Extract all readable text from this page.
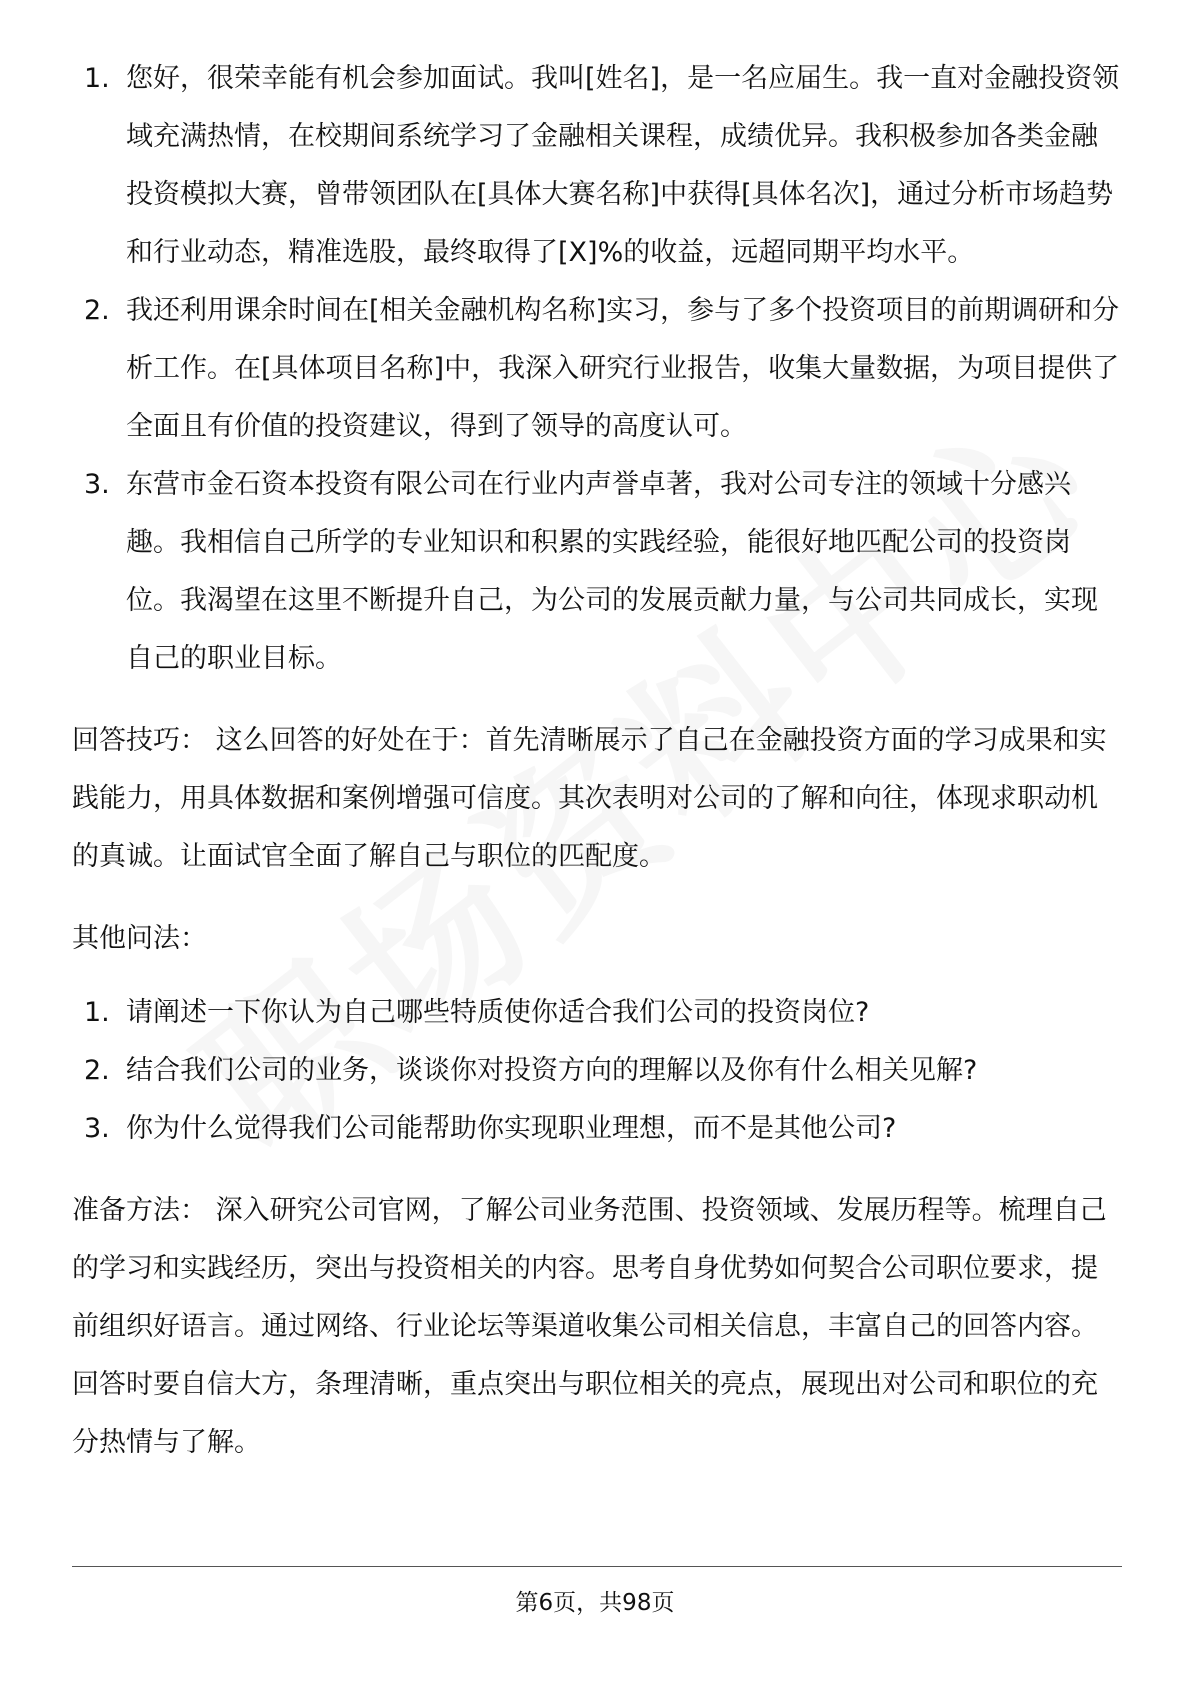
1. 您好，很荣幸能有机会参加面试。我叫[姓名]，是一名应届生。我一直对金融投资领域充满热情，在校期间系统学习了金融相关课程，成绩优异。我积极参加各类金融投资模拟大赛，曾带领团队在[具体大赛名称]中获得[具体名次]，通过分析市场趋势和行业动态，精准选股，最终取得了[X]%的收益，远超同期平均水平。
2. 我还利用课余时间在[相关金融机构名称]实习，参与了多个投资项目的前期调研和分析工作。在[具体项目名称]中，我深入研究行业报告，收集大量数据，为项目提供了全面且有价值的投资建议，得到了领导的高度认可。
3. 东营市金石资本投资有限公司在行业内声誉卓著，我对公司专注的领域十分感兴趣。我相信自己所学的专业知识和积累的实践经验，能很好地匹配公司的投资岗位。我渴望在这里不断提升自己，为公司的发展贡献力量，与公司共同成长，实现自己的职业目标。

回答技巧： 这么回答的好处在于：首先清晰展示了自己在金融投资方面的学习成果和实践能力，用具体数据和案例增强可信度。其次表明对公司的了解和向往，体现求职动机的真诚。让面试官全面了解自己与职位的匹配度。

其他问法：

1. 请阐述一下你认为自己哪些特质使你适合我们公司的投资岗位?
2. 结合我们公司的业务，谈谈你对投资方向的理解以及你有什么相关见解?
3. 你为什么觉得我们公司能帮助你实现职业理想，而不是其他公司?

准备方法： 深入研究公司官网，了解公司业务范围、投资领域、发展历程等。梳理自己的学习和实践经历，突出与投资相关的内容。思考自身优势如何契合公司职位要求，提前组织好语言。通过网络、行业论坛等渠道收集公司相关信息，丰富自己的回答内容。回答时要自信大方，条理清晰，重点突出与职位相关的亮点，展现出对公司和职位的充分热情与了解。

第6页，共98页
